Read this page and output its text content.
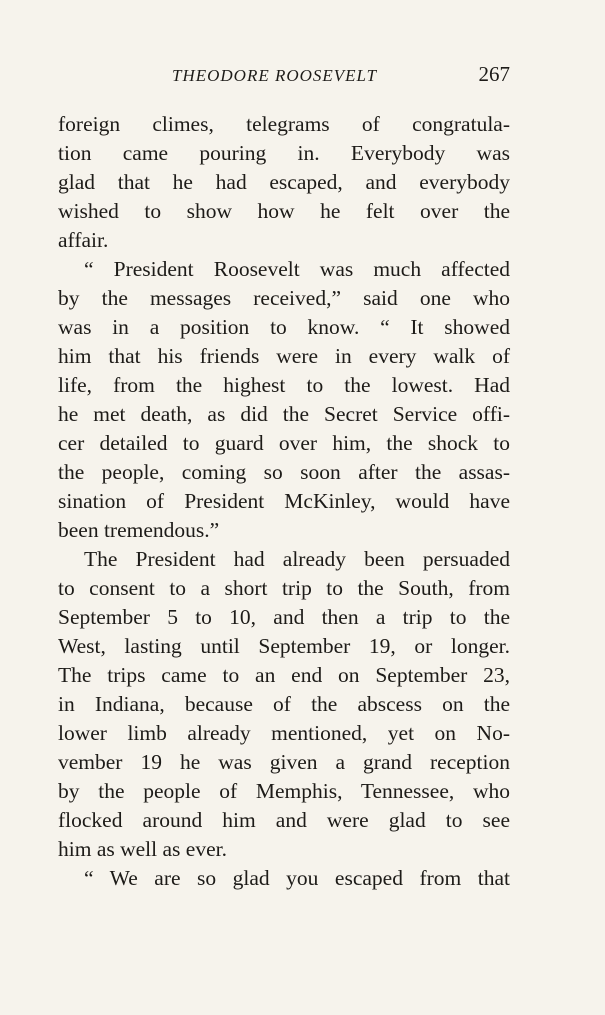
THEODORE ROOSEVELT	267
foreign climes, telegrams of congratula-
tion came pouring in. Everybody was
glad that he had escaped, and everybody
wished to show how he felt over the
affair.
“ President Roosevelt was much affected
by the messages received,” said one who
was in a position to know. “ It showed
him that his friends were in every walk of
life, from the highest to the lowest. Had
he met death, as did the Secret Service offi-
cer detailed to guard over him, the shock to
the people, coming so soon after the assas-
sination of President McKinley, would have
been tremendous.”
The President had already been persuaded
to consent to a short trip to the South, from
September 5 to 10, and then a trip to the
West, lasting until September 19, or longer.
The trips came to an end on September 23,
in Indiana, because of the abscess on the
lower limb already mentioned, yet on No-
vember 19 he was given a grand reception
by the people of Memphis, Tennessee, who
flocked around him and were glad to see
him as well as ever.
“ We are so glad you escaped from that
